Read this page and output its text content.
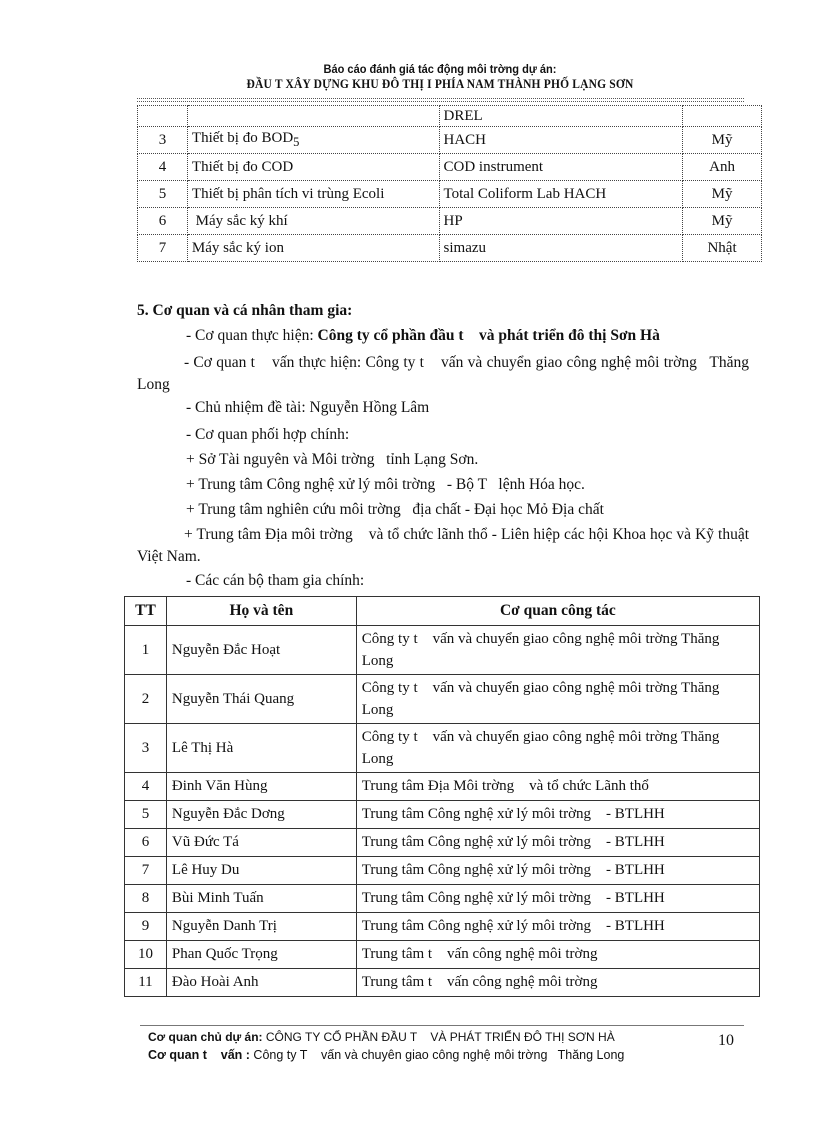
Báo cáo đánh giá tác động môi trờng dự án:
ĐẦU T XÂY DỰNG KHU ĐÔ THỊ I PHÍA NAM THÀNH PHỐ LẠNG SƠN
		DREL	
3	Thiết bị đo $BOD_5$	HACH	Mỹ
4	Thiết bị đo COD	COD instrument	Anh
5	Thiết bị phân tích vi trùng Ecoli	Total Coliform Lab HACH	Mỹ
6	Máy sắc ký khí	HP	Mỹ
7	Máy sắc ký ion	simazu	Nhật
5. Cơ quan và cá nhân tham gia:
- Cơ quan thực hiện: Công ty cổ phần đầu t    và phát triển đô thị Sơn Hà
- Cơ quan t    vấn thực hiện: Công ty t    vấn và chuyển giao công nghệ môi trờng   Thăng Long
- Chủ nhiệm đề tài: Nguyễn Hồng Lâm
- Cơ quan phối hợp chính:
+ Sở Tài nguyên và Môi trờng   tỉnh Lạng Sơn.
+ Trung tâm Công nghệ xử lý môi trờng   - Bộ T   lệnh Hóa học.
+ Trung tâm nghiên cứu môi trờng   địa chất - Đại học Mỏ Địa chất
+ Trung tâm Địa môi trờng    và tổ chức lãnh thổ - Liên hiệp các hội Khoa học và Kỹ thuật Việt Nam.
- Các cán bộ tham gia chính:
TT	Họ và tên	Cơ quan công tác
1	Nguyễn Đắc Hoạt	Công ty t    vấn và chuyển giao công nghệ môi trờng Thăng Long
2	Nguyễn Thái Quang	Công ty t    vấn và chuyển giao công nghệ môi trờng Thăng Long
3	Lê Thị Hà	Công ty t    vấn và chuyển giao công nghệ môi trờng Thăng Long
4	Đinh Văn Hùng	Trung tâm Địa Môi trờng    và tổ chức Lãnh thổ
5	Nguyễn Đắc Dơng	Trung tâm Công nghệ xử lý môi trờng    - BTLHH
6	Vũ Đức Tá	Trung tâm Công nghệ xử lý môi trờng    - BTLHH
7	Lê Huy Du	Trung tâm Công nghệ xử lý môi trờng    - BTLHH
8	Bùi Minh Tuấn	Trung tâm Công nghệ xử lý môi trờng    - BTLHH
9	Nguyễn Danh Trị	Trung tâm Công nghệ xử lý môi trờng    - BTLHH
10	Phan Quốc Trọng	Trung tâm t    vấn công nghệ môi trờng
11	Đào Hoài Anh	Trung tâm t    vấn công nghệ môi trờng
Cơ quan chủ dự án: CÔNG TY CỔ PHẦN ĐẦU T    VÀ PHÁT TRIỂN ĐÔ THỊ SƠN HÀ
Cơ quan t    vấn : Công ty T    vấn và chuyên giao công nghệ môi trờng   Thăng Long
10
